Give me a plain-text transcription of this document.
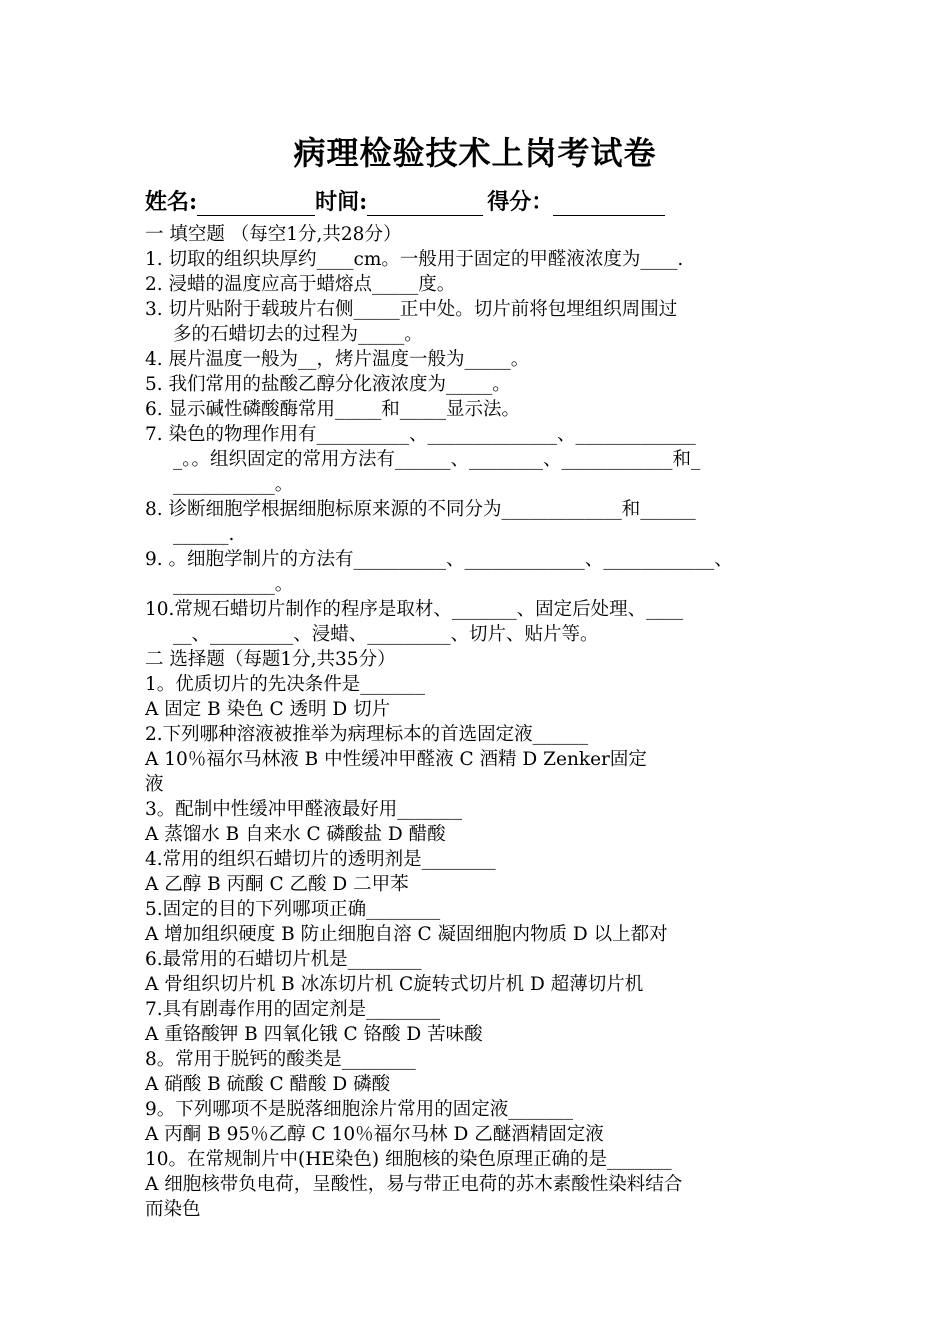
病理检验技术上岗考试卷
姓名:	时间:	得分：
一 填空题 （每空1分,共28分）
1. 切取的组织块厚约____cm。一般用于固定的甲醛液浓度为____.
2. 浸蜡的温度应高于蜡熔点_____度。
3. 切片贴附于载玻片右侧_____正中处。切片前将包埋组织周围过
多的石蜡切去的过程为_____。
4. 展片温度一般为__，烤片温度一般为_____。
5. 我们常用的盐酸乙醇分化液浓度为_____。
6. 显示碱性磷酸酶常用_____和_____显示法。
7. 染色的物理作用有__________、______________、_____________
_。。组织固定的常用方法有______、________、____________和_
___________。
8. 诊断细胞学根据细胞标原来源的不同分为_____________和______
______.
9. 。细胞学制片的方法有__________、_____________、____________、
___________。
10.常规石蜡切片制作的程序是取材、_______、固定后处理、____
__、_________、浸蜡、_________、切片、贴片等。
二 选择题（每题1分,共35分）
1。优质切片的先决条件是_______
A 固定 B 染色 C 透明 D 切片
2.下列哪种溶液被推举为病理标本的首选固定液______
A 10％福尔马林液 B 中性缓冲甲醛液 C 酒精 D Zenker固定
液
3。配制中性缓冲甲醛液最好用_______
A 蒸馏水 B 自来水 C 磷酸盐 D 醋酸
4.常用的组织石蜡切片的透明剂是________
A 乙醇 B 丙酮 C 乙酸 D 二甲苯
5.固定的目的下列哪项正确________
A 增加组织硬度 B 防止细胞自溶 C 凝固细胞内物质 D 以上都对
6.最常用的石蜡切片机是________
A 骨组织切片机 B 冰冻切片机 C旋转式切片机 D 超薄切片机
7.具有剧毒作用的固定剂是________
A 重铬酸钾 B 四氧化锇 C 铬酸 D 苦味酸
8。常用于脱钙的酸类是________
A 硝酸 B 硫酸 C 醋酸 D 磷酸
9。下列哪项不是脱落细胞涂片常用的固定液_______
A 丙酮 B 95％乙醇 C 10％福尔马林 D 乙醚酒精固定液
10。在常规制片中(HE染色) 细胞核的染色原理正确的是_______
A 细胞核带负电荷，呈酸性，易与带正电荷的苏木素酸性染料结合
而染色
